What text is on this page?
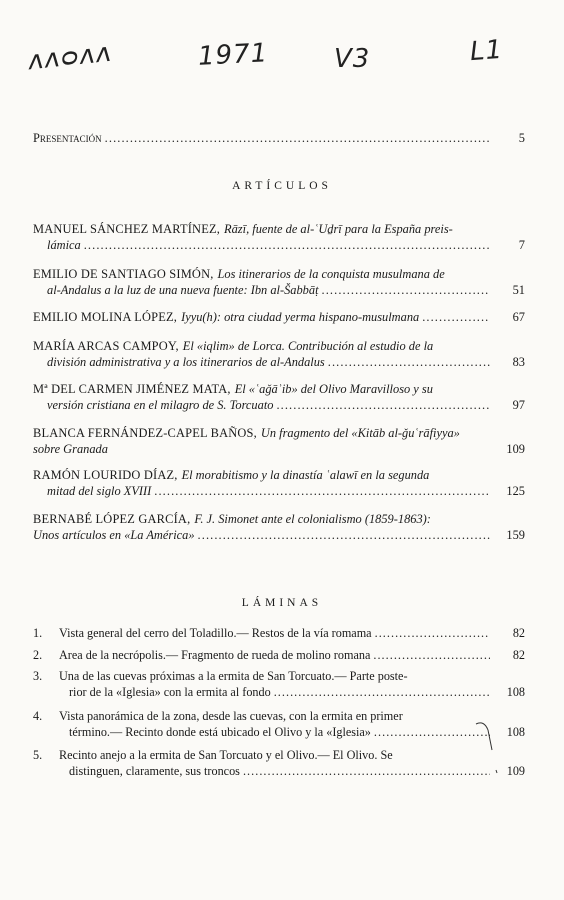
ᴧᴧᴑᴧᴧ	1971	V3	L1
Presentación . . .	5
ARTÍCULOS
MANUEL SÁNCHEZ MARTÍNEZ, Rāzī, fuente de al-ʿUḏrī para la España preis-
lámica . . .	7
EMILIO DE SANTIAGO SIMÓN, Los itinerarios de la conquista musulmana de
al-Andalus a la luz de una nueva fuente: Ibn al-Šabbāṭ . . .	51
EMILIO MOLINA LÓPEZ, Iyyu(h): otra ciudad yerma hispano-musulmana . . .	67
MARÍA ARCAS CAMPOY, El «iqlim» de Lorca. Contribución al estudio de la
división administrativa y a los itinerarios de al-Andalus . . .	83
Mª DEL CARMEN JIMÉNEZ MATA, El «ʿaǧāʾib» del Olivo Maravilloso y su
versión cristiana en el milagro de S. Torcuato . . .	97
BLANCA FERNÁNDEZ-CAPEL BAÑOS, Un fragmento del «Kitāb al-ǧuʿrāfiyya»
sobre Granada	109
RAMÓN LOURIDO DÍAZ, El morabitismo y la dinastía ʿalawī en la segunda
mitad del siglo XVIII . . .	125
BERNABÉ LÓPEZ GARCÍA, F. J. Simonet ante el colonialismo (1859-1863):
Unos artículos en «La América» . . .	159
LÁMINAS
1.	Vista general del cerro del Toladillo.— Restos de la vía romama . . .	82
2.	Area de la necrópolis.— Fragmento de rueda de molino romana . . .	82
3.	Una de las cuevas próximas a la ermita de San Torcuato.— Parte poste-
rior de la «Iglesia» con la ermita al fondo . . .	108
4.	Vista panorámica de la zona, desde las cuevas, con la ermita en primer
término.— Recinto donde está ubicado el Olivo y la «Iglesia» . . .	108
5.	Recinto anejo a la ermita de San Torcuato y el Olivo.— El Olivo. Se
distinguen, claramente, sus troncos . . .	109
